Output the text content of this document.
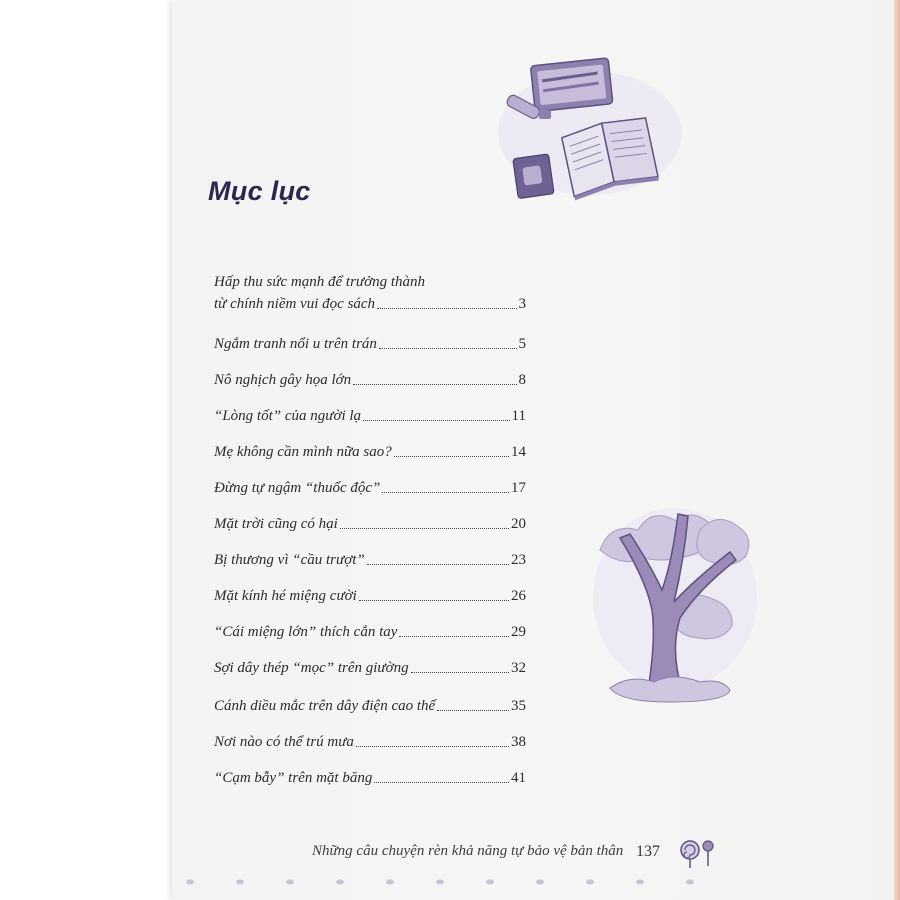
Mục lục
Hấp thu sức mạnh để trưởng thành
từ chính niềm vui đọc sách	3
Ngắm tranh nổi u trên trán	5
Nô nghịch gây họa lớn	8
“Lòng tốt” của người lạ	11
Mẹ không cần mình nữa sao?	14
Đừng tự ngậm “thuốc độc”	17
Mặt trời cũng có hại	20
Bị thương vì “cầu trượt”	23
Mặt kính hé miệng cười	26
“Cái miệng lớn” thích cắn tay	29
Sợi dây thép “mọc” trên giường	32
Cánh diều mắc trên dây điện cao thế	35
Nơi nào có thể trú mưa	38
“Cạm bẫy” trên mặt băng	41
Những câu chuyện rèn khả năng tự bảo vệ bản thân 137
